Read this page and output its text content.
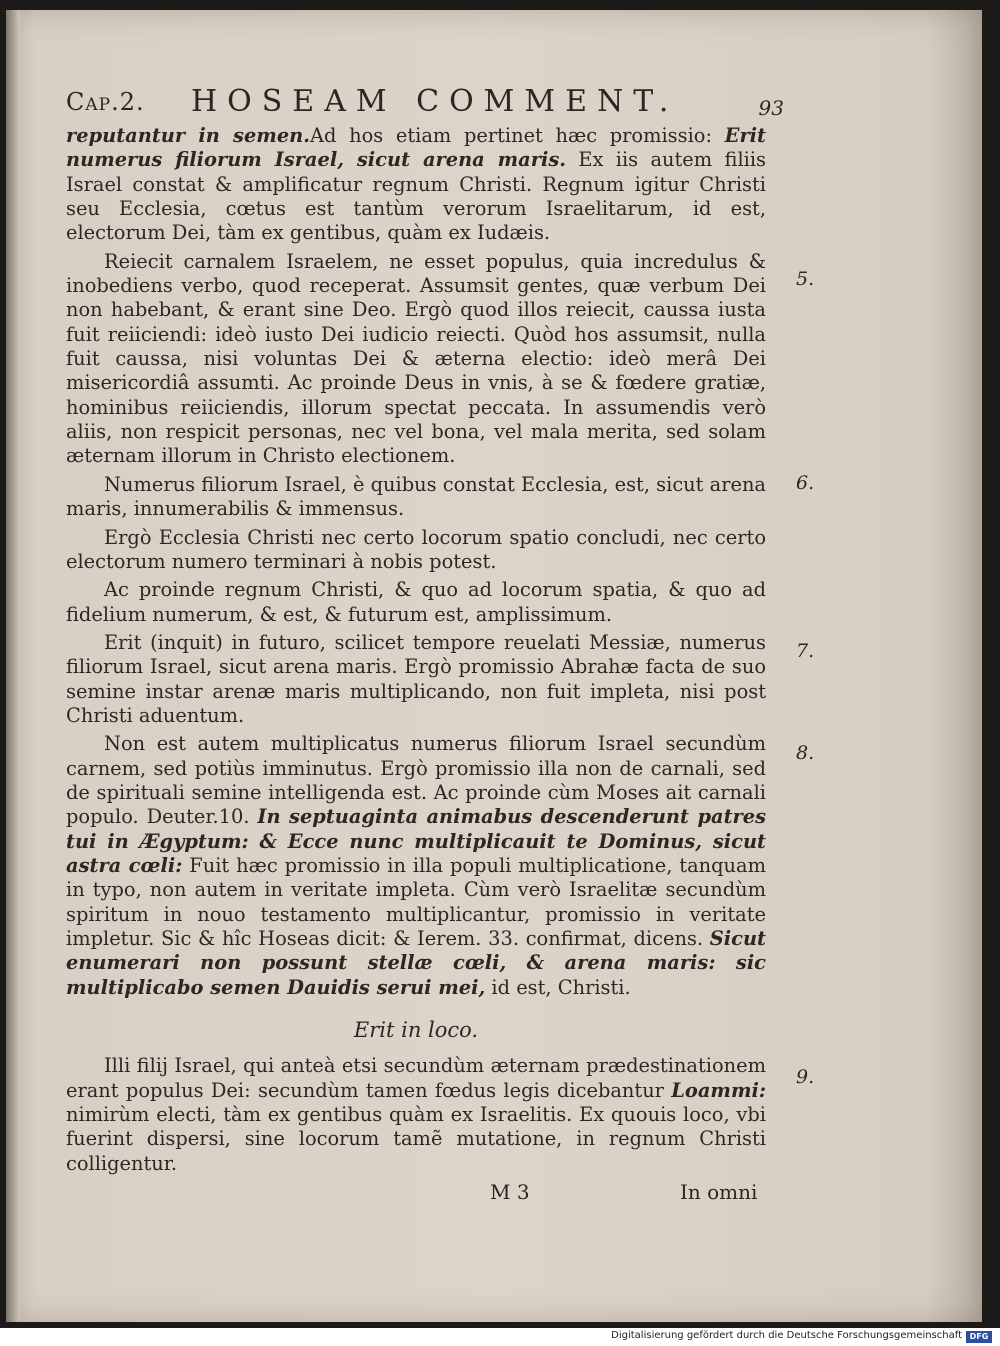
Cap.2. HOSEAM COMMENT.	93

reputantur in semen.Ad hos etiam pertinet hæc promissio: Erit numerus filiorum Israel, sicut arena maris. Ex iis autem filiis Israel constat & amplificatur regnum Christi. Regnum igitur Christi seu Ecclesia, cœtus est tantùm verorum Israelitarum, id est, electorum Dei, tàm ex gentibus, quàm ex Iudæis.

Reiecit carnalem Israelem, ne esset populus, quia incredulus & inobediens verbo, quod receperat. Assumsit gentes, quæ verbum Dei non habebant, & erant sine Deo. Ergò quod illos reiecit, caussa iusta fuit reiiciendi: ideò iusto Dei iudicio reiecti. Quòd hos assumsit, nulla fuit caussa, nisi voluntas Dei & æterna electio: ideò merâ Dei misericordiâ assumti. Ac proinde Deus in vnis, à se & fœdere gratiæ, hominibus reiiciendis, illorum spectat peccata. In assumendis verò aliis, non respicit personas, nec vel bona, vel mala merita, sed solam æternam illorum in Christo electionem.

Numerus filiorum Israel, è quibus constat Ecclesia, est, sicut arena maris, innumerabilis & immensus.

Ergò Ecclesia Christi nec certo locorum spatio concludi, nec certo electorum numero terminari à nobis potest.

Ac proinde regnum Christi, & quo ad locorum spatia, & quo ad fidelium numerum, & est, & futurum est, amplissimum.

Erit (inquit) in futuro, scilicet tempore reuelati Messiæ, numerus filiorum Israel, sicut arena maris. Ergò promissio Abrahæ facta de suo semine instar arenæ maris multiplicando, non fuit impleta, nisi post Christi aduentum.

Non est autem multiplicatus numerus filiorum Israel secundùm carnem, sed potiùs imminutus. Ergò promissio illa non de carnali, sed de spirituali semine intelligenda est. Ac proinde cùm Moses ait carnali populo. Deuter.10. In septuaginta animabus descenderunt patres tui in Ægyptum: & Ecce nunc multiplicauit te Dominus, sicut astra cœli: Fuit hæc promissio in illa populi multiplicatione, tanquam in typo, non autem in veritate impleta. Cùm verò Israelitæ secundùm spiritum in nouo testamento multiplicantur, promissio in veritate impletur. Sic & hîc Hoseas dicit: & Ierem. 33. confirmat, dicens. Sicut enumerari non possunt stellæ cœli, & arena maris: sic multiplicabo semen Dauidis serui mei, id est, Christi.

Erit in loco.

Illi filij Israel, qui anteà etsi secundùm æternam prædestinationem erant populus Dei: secundùm tamen fœdus legis dicebantur Loammi: nimirùm electi, tàm ex gentibus quàm ex Israelitis. Ex quouis loco, vbi fuerint dispersi, sine locorum tamẽ mutatione, in regnum Christi colligentur.

5.
6.
7.
8.
9.
M 3	In omni
Digitalisierung gefördert durch die Deutsche Forschungsgemeinschaft DFG
